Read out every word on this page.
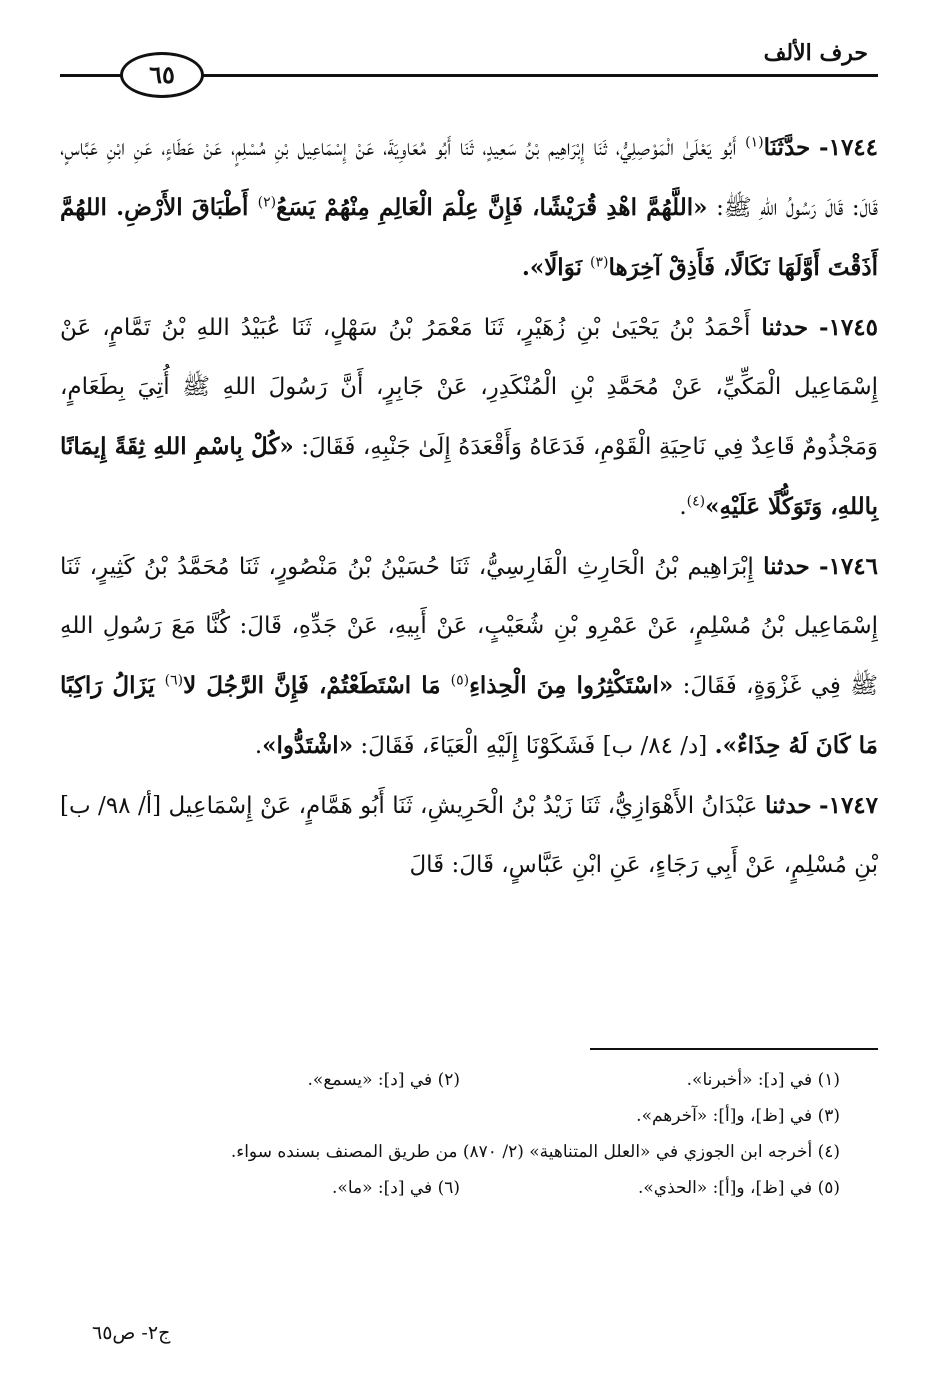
حرف الألف
٦٥

١٧٤٤- حدَّثَنَا$^{(١)}$ أَبُو يَعْلَىٰ الْمَوْصِلِيُّ، ثَنَا إِبْرَاهِيم بْنُ سَعِيدٍ، ثَنَا أَبُو مُعَاوِيَةَ، عَنْ إِسْمَاعِيل بْنِ مُسْلِمٍ، عَنْ عَطَاءٍ، عَنِ ابْنِ عَبَّاسٍ، قَالَ: قَالَ رَسُولُ اللهِ ﷺ: «اللَّهُمَّ اهْدِ قُرَيْشًا، فَإِنَّ عِلْمَ الْعَالِمِ مِنْهُمْ يَسَعُ$^{(٢)}$ أَطْبَاقَ الأَرْضِ. اللهُمَّ أَذَقْتَ أَوَّلَهَا نَكَالًا، فَأَذِقْ آخِرَها$^{(٣)}$ نَوَالًا».

١٧٤٥- حدثنا أَحْمَدُ بْنُ يَحْيَىٰ بْنِ زُهَيْرٍ، ثَنَا مَعْمَرُ بْنُ سَهْلٍ، ثَنَا عُبَيْدُ اللهِ بْنُ تَمَّامٍ، عَنْ إِسْمَاعِيل الْمَكِّيِّ، عَنْ مُحَمَّدِ بْنِ الْمُنْكَدِرِ، عَنْ جَابِرٍ، أَنَّ رَسُولَ اللهِ ﷺ أُتِيَ بِطَعَامٍ، وَمَجْذُومٌ قَاعِدٌ فِي نَاحِيَةِ الْقَوْمِ، فَدَعَاهُ وَأَقْعَدَهُ إِلَىٰ جَنْبِهِ، فَقَالَ: «كُلْ بِاسْمِ اللهِ ثِقَةً إِيمَانًا بِاللهِ، وَتَوَكُّلًا عَلَيْهِ»$^{(٤)}$.

١٧٤٦- حدثنا إِبْرَاهِيم بْنُ الْحَارِثِ الْفَارِسِيُّ، ثَنَا حُسَيْنُ بْنُ مَنْصُورٍ، ثَنَا مُحَمَّدُ بْنُ كَثِيرٍ، ثَنَا إِسْمَاعِيل بْنُ مُسْلِمٍ، عَنْ عَمْرِو بْنِ شُعَيْبٍ، عَنْ أَبِيهِ، عَنْ جَدِّهِ، قَالَ: كُنَّا مَعَ رَسُولِ اللهِ ﷺ فِي غَزْوَةٍ، فَقَالَ: «اسْتَكْثِرُوا مِنَ الْحِذاءِ$^{(٥)}$ مَا اسْتَطَعْتُمْ، فَإِنَّ الرَّجُلَ لا$^{(٦)}$ يَزَالُ رَاكِبًا مَا كَانَ لَهُ حِذَاءٌ». [د/ ٨٤/ ب] فَشَكَوْنَا إِلَيْهِ الْعَيَاءَ، فَقَالَ: «اشْتَدُّوا».

١٧٤٧- حدثنا عَبْدَانُ الأَهْوَازِيُّ، ثَنَا زَيْدُ بْنُ الْحَرِيشِ، ثَنَا أَبُو هَمَّامٍ، عَنْ إِسْمَاعِيل [أ/ ٩٨/ ب] بْنِ مُسْلِمٍ، عَنْ أَبِي رَجَاءٍ، عَنِ ابْنِ عَبَّاسٍ، قَالَ: قَالَ

(١) في [د]: «أخبرنا».
(٢) في [د]: «يسمع».
(٣) في [ظ]، و[أ]: «آخرهم».
(٤) أخرجه ابن الجوزي في «العلل المتناهية» (٢/ ٨٧٠) من طريق المصنف بسنده سواء.
(٥) في [ظ]، و[أ]: «الحذي».
(٦) في [د]: «ما».
ج٢- ص٦٥
